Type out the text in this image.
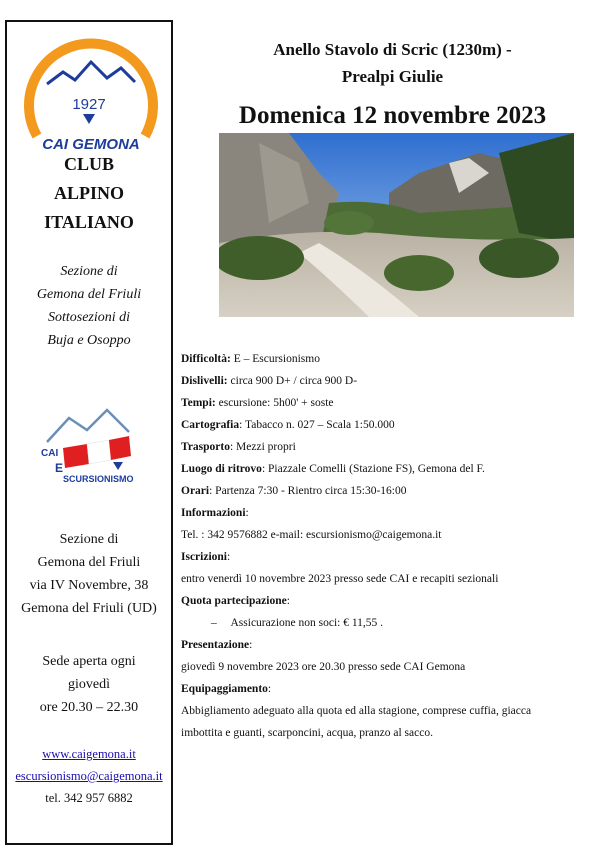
1927
CAI GEMONA
CLUB
ALPINO
ITALIANO
Sezione di
Gemona del Friuli
Sottosezioni di
Buja e Osoppo
CAI
E
SCURSIONISMO
Sezione di
Gemona del Friuli
via IV Novembre, 38
Gemona del Friuli (UD)
Sede aperta ogni
giovedì
ore 20.30 – 22.30
www.caigemona.it
escursionismo@caigemona.it
tel. 342 957 6882
Anello Stavolo di Scric (1230m) -
Prealpi Giulie
Domenica 12 novembre 2023
Difficoltà: E – Escursionismo
Dislivelli: circa 900 D+ / circa 900 D-
Tempi: escursione: 5h00' + soste
Cartografia: Tabacco n. 027 – Scala 1:50.000
Trasporto: Mezzi propri
Luogo di ritrovo: Piazzale Comelli (Stazione FS), Gemona del F.
Orari: Partenza 7:30 - Rientro circa 15:30-16:00
Informazioni:
Tel. : 342 9576882 e-mail: escursionismo@caigemona.it
Iscrizioni:
entro venerdì 10 novembre 2023 presso sede CAI e recapiti sezionali
Quota partecipazione:
–     Assicurazione non soci: € 11,55 .
Presentazione:
giovedì 9 novembre 2023 ore 20.30 presso sede CAI Gemona
Equipaggiamento:
Abbigliamento adeguato alla quota ed alla stagione, comprese cuffia, giacca
imbottita e guanti, scarponcini, acqua, pranzo al sacco.
